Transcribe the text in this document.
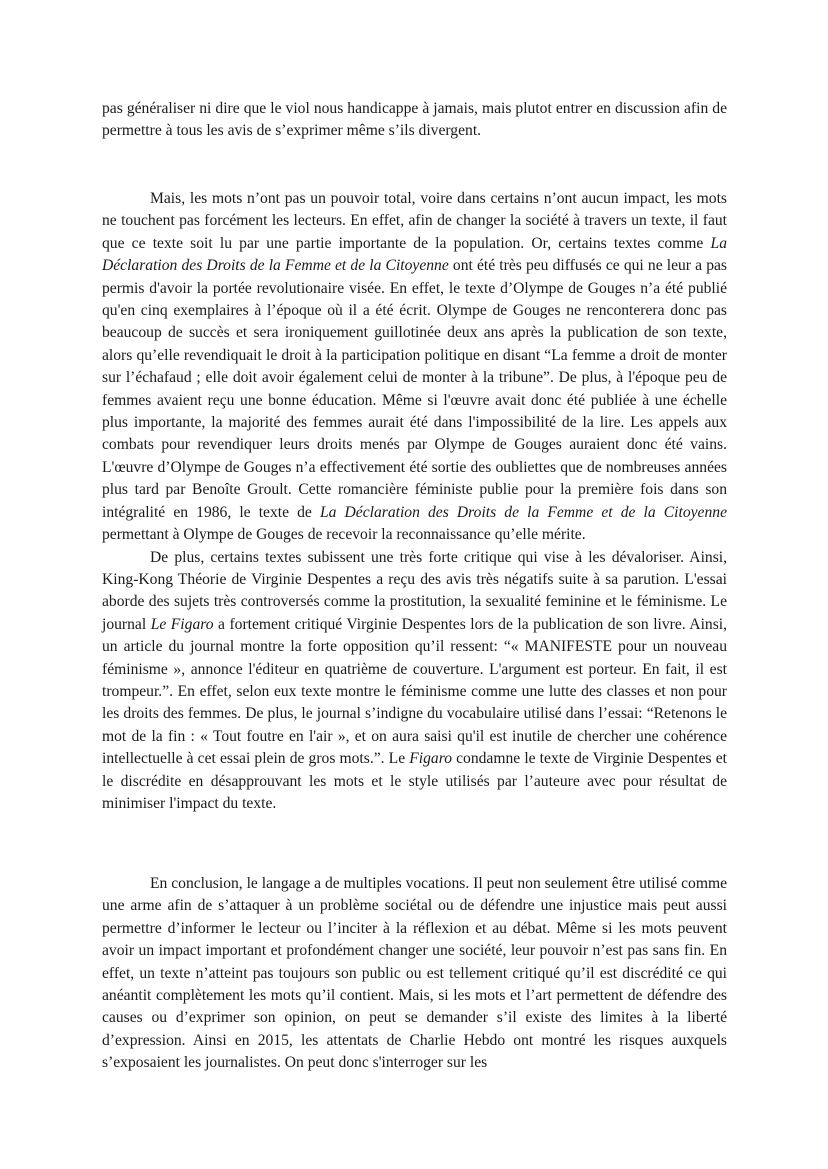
pas généraliser ni dire que le viol nous handicappe à jamais, mais plutot entrer en discussion afin de permettre à tous les avis de s’exprimer même s’ils divergent.

Mais, les mots n’ont pas un pouvoir total, voire dans certains n’ont aucun impact, les mots ne touchent pas forcément les lecteurs. En effet, afin de changer la société à travers un texte, il faut que ce texte soit lu par une partie importante de la population. Or, certains textes comme La Déclaration des Droits de la Femme et de la Citoyenne ont été très peu diffusés ce qui ne leur a pas permis d'avoir la portée revolutionaire visée. En effet, le texte d’Olympe de Gouges n’a été publié qu'en cinq exemplaires à l’époque où il a été écrit. Olympe de Gouges ne renconterera donc pas beaucoup de succès et sera ironiquement guillotinée deux ans après la publication de son texte, alors qu’elle revendiquait le droit à la participation politique en disant “La femme a droit de monter sur l’échafaud ; elle doit avoir également celui de monter à la tribune”. De plus, à l'époque peu de femmes avaient reçu une bonne éducation. Même si l'œuvre avait donc été publiée à une échelle plus importante, la majorité des femmes aurait été dans l'impossibilité de la lire. Les appels aux combats pour revendiquer leurs droits menés par Olympe de Gouges auraient donc été vains. L'œuvre d’Olympe de Gouges n’a effectivement été sortie des oubliettes que de nombreuses années plus tard par Benoîte Groult. Cette romancière féministe publie pour la première fois dans son intégralité en 1986, le texte de La Déclaration des Droits de la Femme et de la Citoyenne permettant à Olympe de Gouges de recevoir la reconnaissance qu’elle mérite.

De plus, certains textes subissent une très forte critique qui vise à les dévaloriser. Ainsi, King-Kong Théorie de Virginie Despentes a reçu des avis très négatifs suite à sa parution. L'essai aborde des sujets très controversés comme la prostitution, la sexualité feminine et le féminisme. Le journal Le Figaro a fortement critiqué Virginie Despentes lors de la publication de son livre. Ainsi, un article du journal montre la forte opposition qu’il ressent: “« MANIFESTE pour un nouveau féminisme », annonce l'éditeur en quatrième de couverture. L'argument est porteur. En fait, il est trompeur.”. En effet, selon eux texte montre le féminisme comme une lutte des classes et non pour les droits des femmes. De plus, le journal s’indigne du vocabulaire utilisé dans l’essai: “Retenons le mot de la fin : « Tout foutre en l'air », et on aura saisi qu'il est inutile de chercher une cohérence intellectuelle à cet essai plein de gros mots.”. Le Figaro condamne le texte de Virginie Despentes et le discrédite en désapprouvant les mots et le style utilisés par l’auteure avec pour résultat de minimiser l'impact du texte.

En conclusion, le langage a de multiples vocations. Il peut non seulement être utilisé comme une arme afin de s’attaquer à un problème sociétal ou de défendre une injustice mais peut aussi permettre d’informer le lecteur ou l’inciter à la réflexion et au débat. Même si les mots peuvent avoir un impact important et profondément changer une société, leur pouvoir n’est pas sans fin. En effet, un texte n’atteint pas toujours son public ou est tellement critiqué qu’il est discrédité ce qui anéantit complètement les mots qu’il contient. Mais, si les mots et l’art permettent de défendre des causes ou d’exprimer son opinion, on peut se demander s’il existe des limites à la liberté d’expression. Ainsi en 2015, les attentats de Charlie Hebdo ont montré les risques auxquels s’exposaient les journalistes. On peut donc s'interroger sur les
